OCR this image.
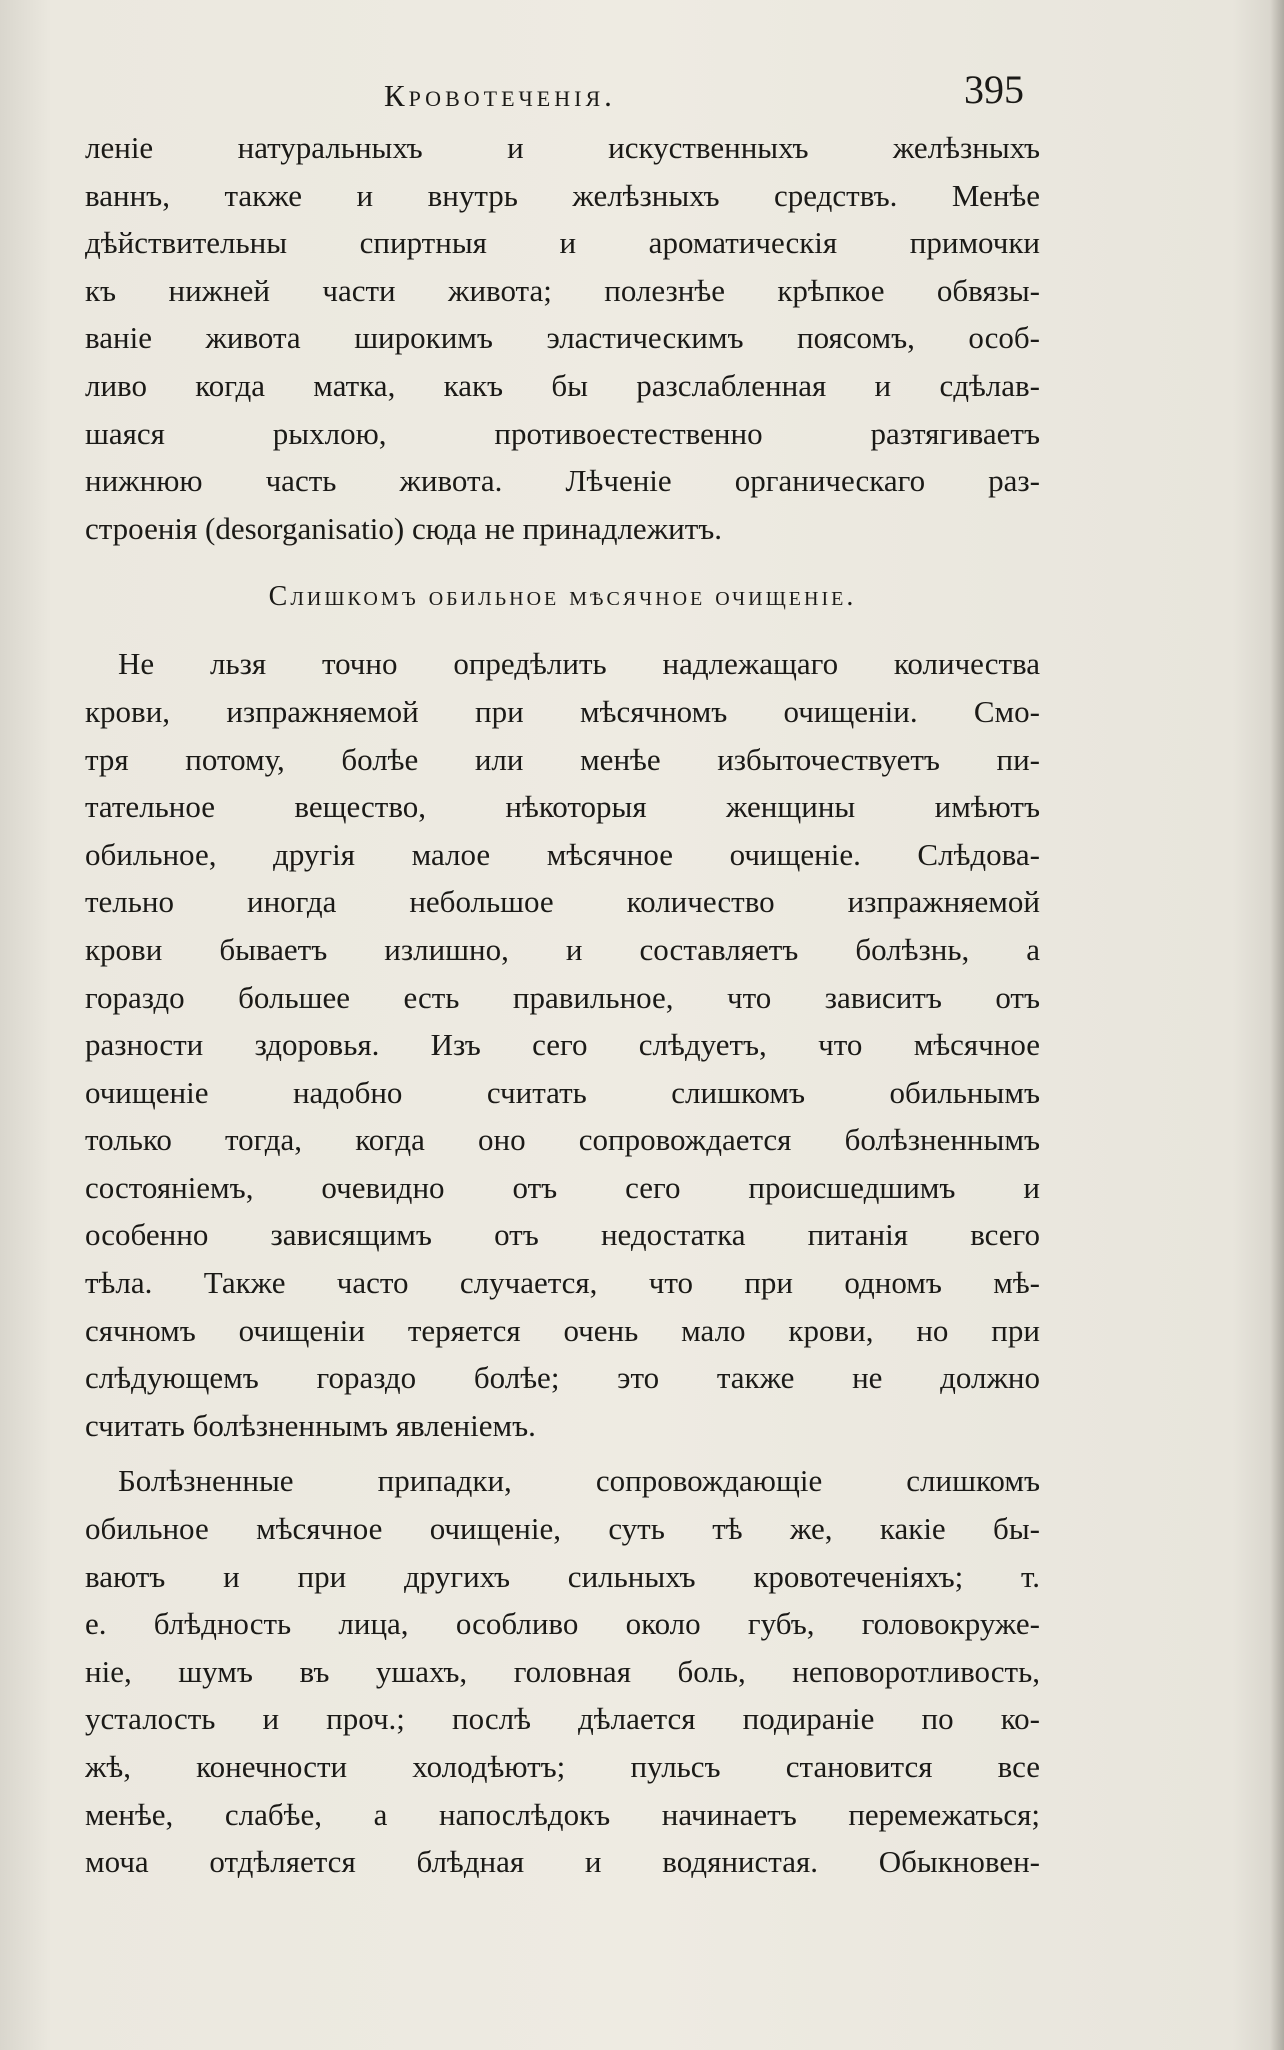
Кровотеченія.	395
леніе натуральныхъ и искуственныхъ желѣзныхъ
ваннъ, также и внутрь желѣзныхъ средствъ. Менѣе
дѣйствительны спиртныя и ароматическія примочки
къ нижней части живота; полезнѣе крѣпкое обвязы-
ваніе живота широкимъ эластическимъ поясомъ, особ-
ливо когда матка, какъ бы разслабленная и сдѣлав-
шаяся рыхлою, противоестественно разтягиваетъ
нижнюю часть живота. Лѣченіе органическаго раз-
строенія (desorganisatio) сюда не принадлежитъ.
Слишкомъ обильное мѣсячное очищеніе.
Не льзя точно опредѣлить надлежащаго количества
крови, изпражняемой при мѣсячномъ очищеніи. Смо-
тря потому, болѣе или менѣе избыточествуетъ пи-
тательное вещество, нѣкоторыя женщины имѣютъ
обильное, другія малое мѣсячное очищеніе. Слѣдова-
тельно иногда небольшое количество изпражняемой
крови бываетъ излишно, и составляетъ болѣзнь, а
гораздо большее есть правильное, что зависитъ отъ
разности здоровья. Изъ сего слѣдуетъ, что мѣсячное
очищеніе надобно считать слишкомъ обильнымъ
только тогда, когда оно сопровождается болѣзненнымъ
состояніемъ, очевидно отъ сего происшедшимъ и
особенно зависящимъ отъ недостатка питанія всего
тѣла. Также часто случается, что при одномъ мѣ-
сячномъ очищеніи теряется очень мало крови, но при
слѣдующемъ гораздо болѣе; это также не должно
считать болѣзненнымъ явленіемъ.
Болѣзненные припадки, сопровождающіе слишкомъ
обильное мѣсячное очищеніе, суть тѣ же, какіе бы-
ваютъ и при другихъ сильныхъ кровотеченіяхъ; т.
е. блѣдность лица, особливо около губъ, головокруже-
ніе, шумъ въ ушахъ, головная боль, неповоротливость,
усталость и проч.; послѣ дѣлается подираніе по ко-
жѣ, конечности холодѣютъ; пульсъ становится все
менѣе, слабѣе, а напослѣдокъ начинаетъ перемежаться;
моча отдѣляется блѣдная и водянистая. Обыкновен-
